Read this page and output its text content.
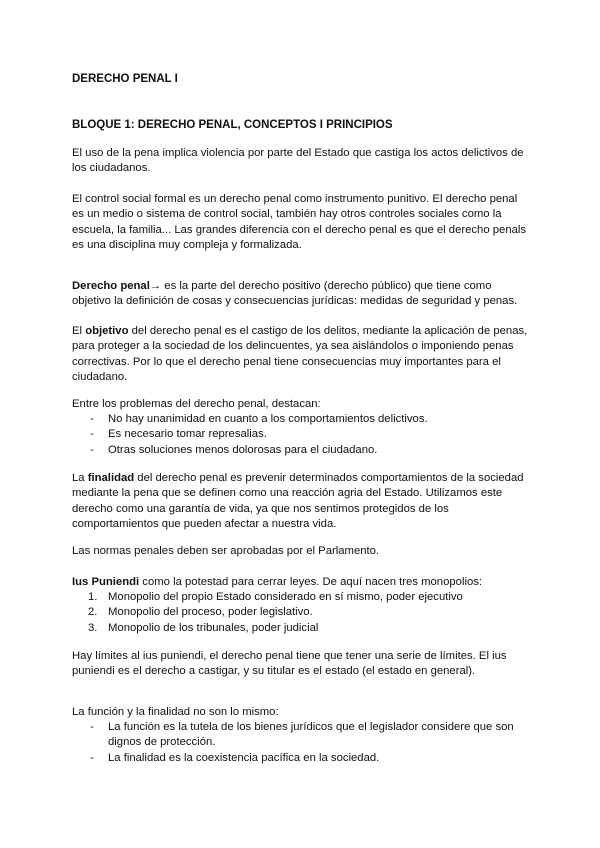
DERECHO PENAL I
BLOQUE 1: DERECHO PENAL, CONCEPTOS I PRINCIPIOS

El uso de la pena implica violencia por parte del Estado que castiga los actos delictivos de los ciudadanos.

El control social formal es un derecho penal como instrumento punitivo. El derecho penal es un medio o sistema de control social, también hay otros controles sociales como la escuela, la familia... Las grandes diferencia con el derecho penal es que el derecho penals es una disciplina muy compleja y formalizada.

Derecho penal→ es la parte del derecho positivo (derecho público) que tiene como objetivo la definición de cosas y consecuencias jurídicas: medidas de seguridad y penas.

El objetivo del derecho penal es el castigo de los delitos, mediante la aplicación de penas, para proteger a la sociedad de los delincuentes, ya sea aislándolos o imponiendo penas correctivas. Por lo que el derecho penal tiene consecuencias muy importantes para el ciudadano.

Entre los problemas del derecho penal, destacan:

- No hay unanimidad en cuanto a los comportamientos delictivos.
- Es necesario tomar represalias.
- Otras soluciones menos dolorosas para el ciudadano.

La finalidad del derecho penal es prevenir determinados comportamientos de la sociedad mediante la pena que se definen como una reacción agria del Estado. Utilizamos este derecho como una garantía de vida, ya que nos sentimos protegidos de los comportamientos que pueden afectar a nuestra vida.

Las normas penales deben ser aprobadas por el Parlamento.

Ius Puniendi como la potestad para cerrar leyes. De aquí nacen tres monopolios:

1. Monopolio del propio Estado considerado en sí mismo, poder ejecutivo
2. Monopolio del proceso, poder legislativo.
3. Monopolio de los tribunales, poder judicial

Hay límites al ius puniendi, el derecho penal tiene que tener una serie de límites. El ius puniendi es el derecho a castigar, y su titular es el estado (el estado en general).

La función y la finalidad no son lo mismo:

- La función es la tutela de los bienes jurídicos que el legislador considere que son dignos de protección.
- La finalidad es la coexistencia pacífica en la sociedad.
